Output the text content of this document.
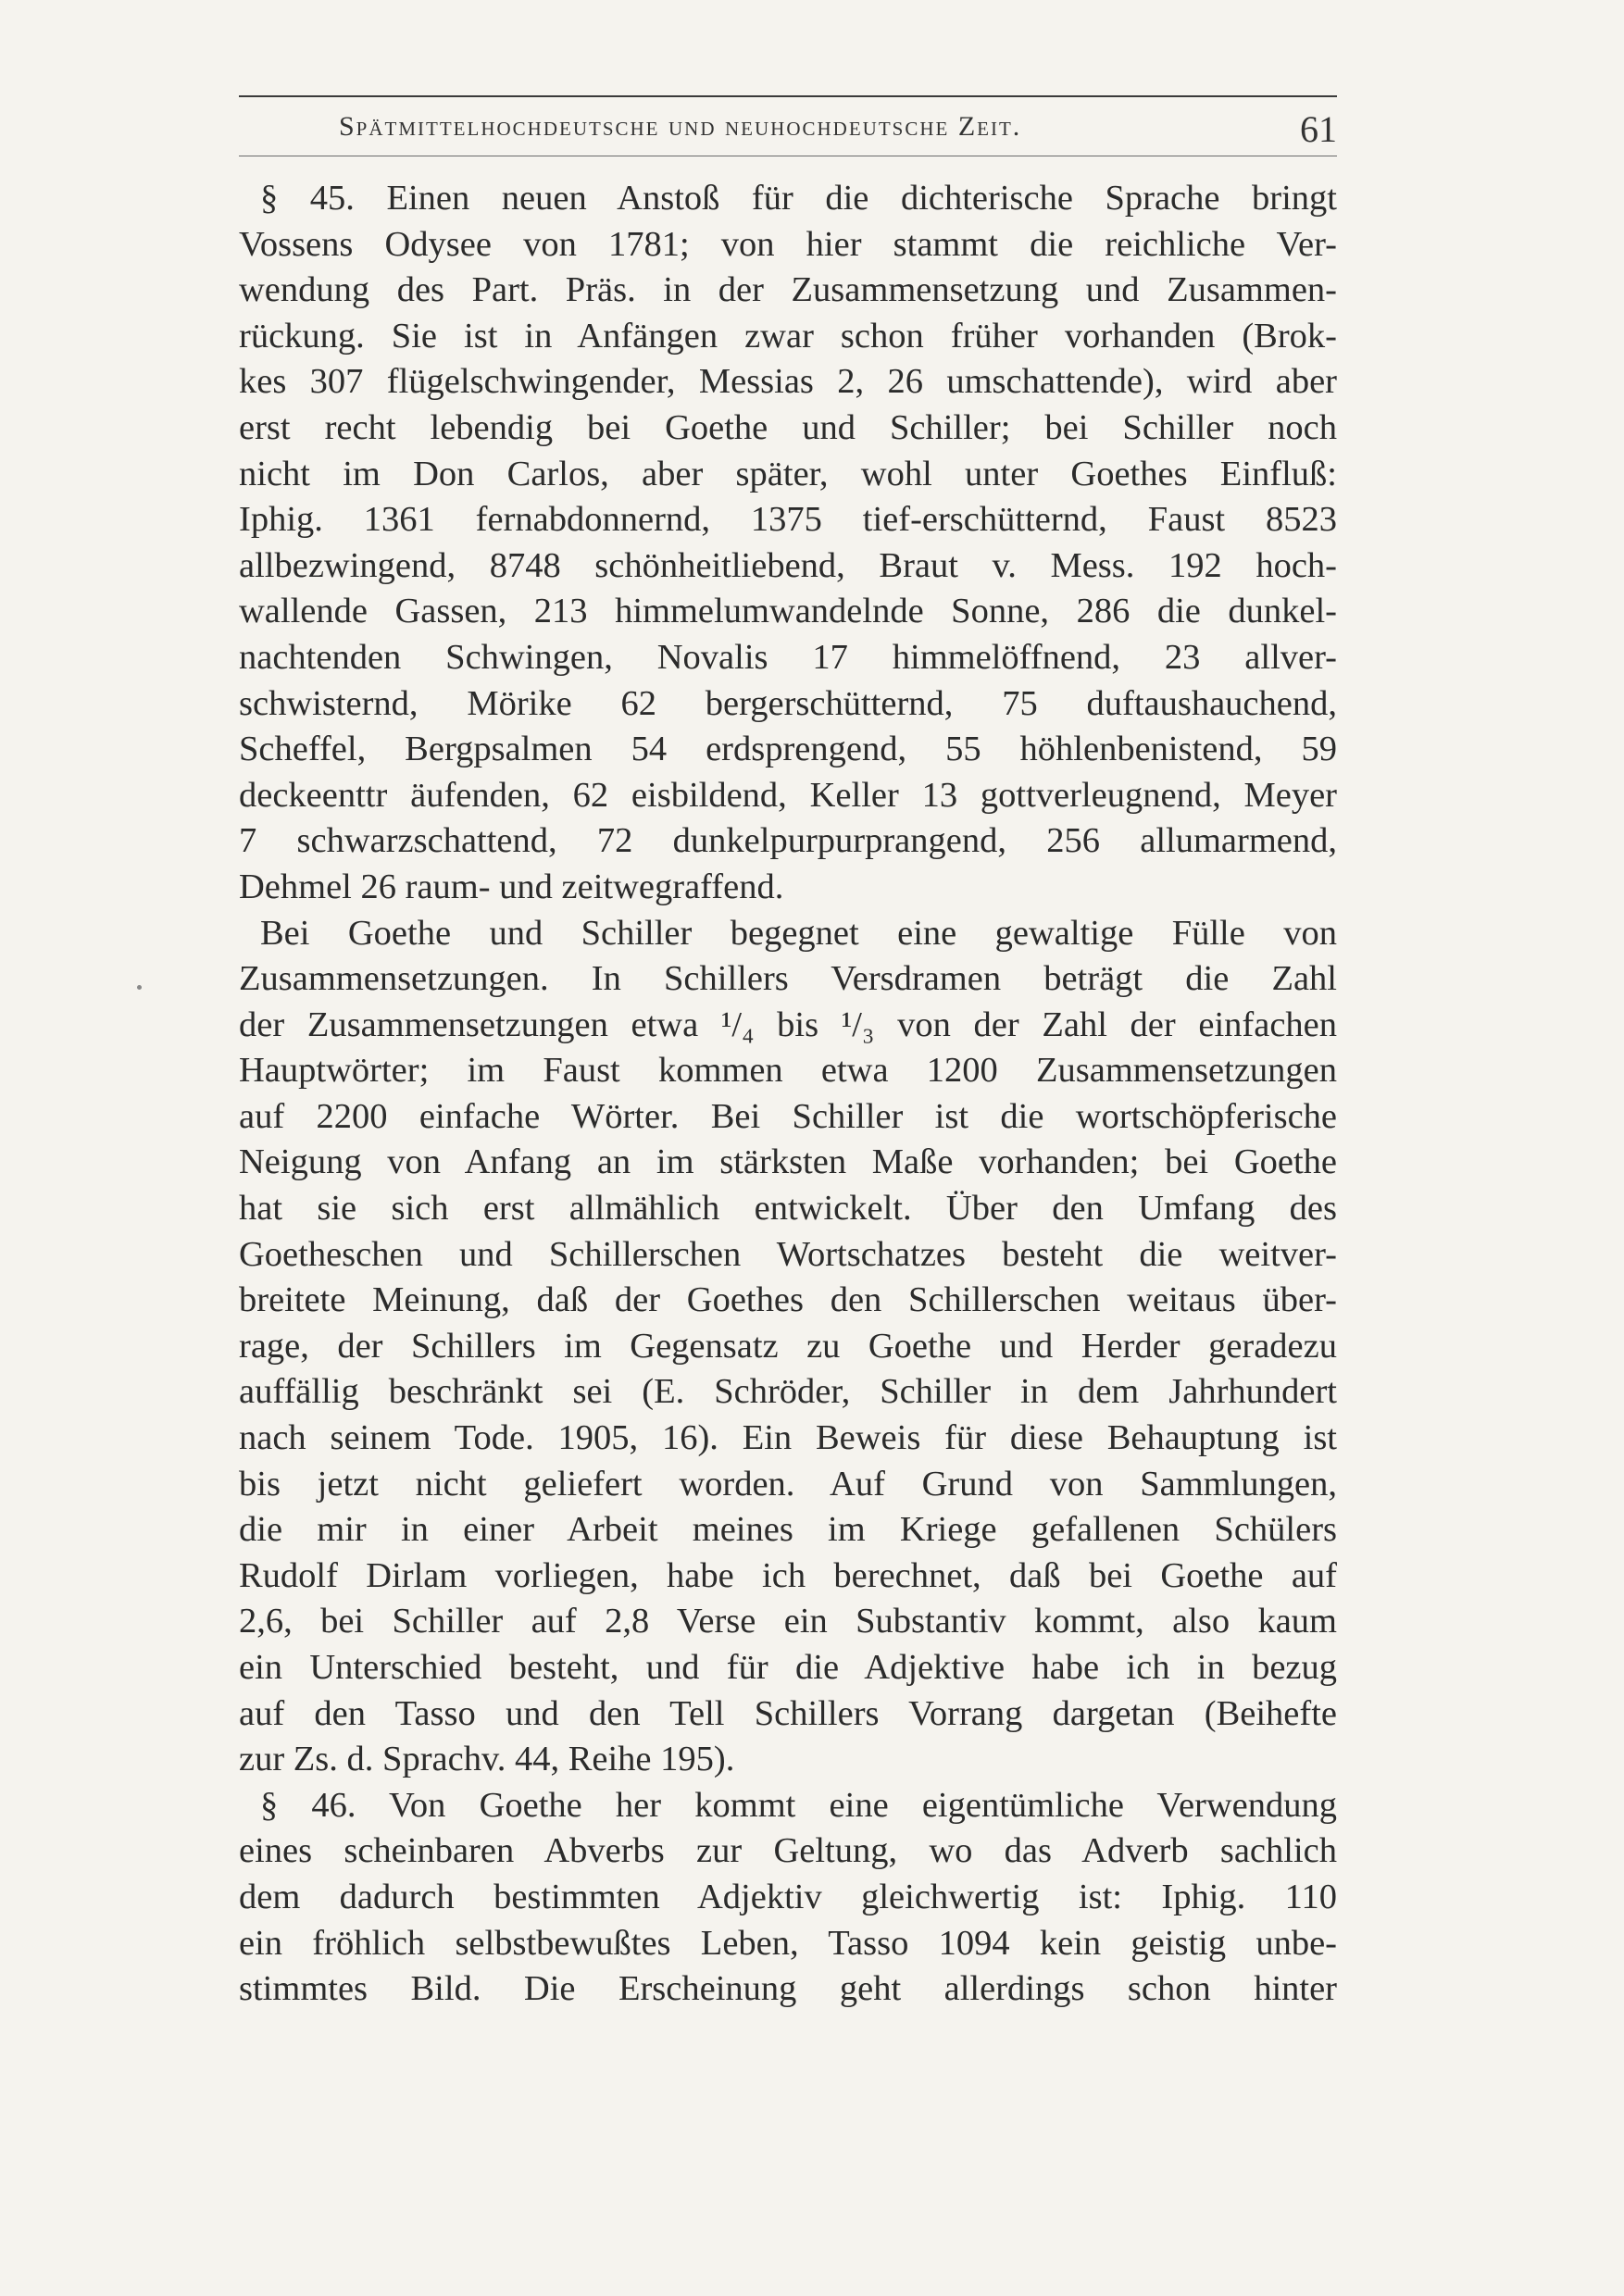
Spätmittelhochdeutsche und neuhochdeutsche Zeit.	61
§ 45. Einen neuen Anstoß für die dichterische Sprache bringt
Vossens Odysee von 1781; von hier stammt die reichliche Ver-
wendung des Part. Präs. in der Zusammensetzung und Zusammen-
rückung. Sie ist in Anfängen zwar schon früher vorhanden (Brok-
kes 307 flügelschwingender, Messias 2, 26 umschattende), wird aber
erst recht lebendig bei Goethe und Schiller; bei Schiller noch
nicht im Don Carlos, aber später, wohl unter Goethes Einfluß:
Iphig. 1361 fernabdonnernd, 1375 tief-erschütternd, Faust 8523
allbezwingend, 8748 schönheitliebend, Braut v. Mess. 192 hoch-
wallende Gassen, 213 himmelumwandelnde Sonne, 286 die dunkel-
nachtenden Schwingen, Novalis 17 himmelöffnend, 23 allver-
schwisternd, Mörike 62 bergerschütternd, 75 duftaushauchend,
Scheffel, Bergpsalmen 54 erdsprengend, 55 höhlenbenistend, 59
deckeenttr äufenden, 62 eisbildend, Keller 13 gottverleugnend, Meyer
7 schwarzschattend, 72 dunkelpurpurprangend, 256 allumarmend,
Dehmel 26 raum- und zeitwegraffend.
Bei Goethe und Schiller begegnet eine gewaltige Fülle von
Zusammensetzungen. In Schillers Versdramen beträgt die Zahl
der Zusammensetzungen etwa ¹/₄ bis ¹/₃ von der Zahl der einfachen
Hauptwörter; im Faust kommen etwa 1200 Zusammensetzungen
auf 2200 einfache Wörter. Bei Schiller ist die wortschöpferische
Neigung von Anfang an im stärksten Maße vorhanden; bei Goethe
hat sie sich erst allmählich entwickelt. Über den Umfang des
Goetheschen und Schillerschen Wortschatzes besteht die weitver-
breitete Meinung, daß der Goethes den Schillerschen weitaus über-
rage, der Schillers im Gegensatz zu Goethe und Herder geradezu
auffällig beschränkt sei (E. Schröder, Schiller in dem Jahrhundert
nach seinem Tode. 1905, 16). Ein Beweis für diese Behauptung ist
bis jetzt nicht geliefert worden. Auf Grund von Sammlungen,
die mir in einer Arbeit meines im Kriege gefallenen Schülers
Rudolf Dirlam vorliegen, habe ich berechnet, daß bei Goethe auf
2,6, bei Schiller auf 2,8 Verse ein Substantiv kommt, also kaum
ein Unterschied besteht, und für die Adjektive habe ich in bezug
auf den Tasso und den Tell Schillers Vorrang dargetan (Beihefte
zur Zs. d. Sprachv. 44, Reihe 195).
§ 46. Von Goethe her kommt eine eigentümliche Verwendung
eines scheinbaren Abverbs zur Geltung, wo das Adverb sachlich
dem dadurch bestimmten Adjektiv gleichwertig ist: Iphig. 110
ein fröhlich selbstbewußtes Leben, Tasso 1094 kein geistig unbe-
stimmtes Bild. Die Erscheinung geht allerdings schon hinter
